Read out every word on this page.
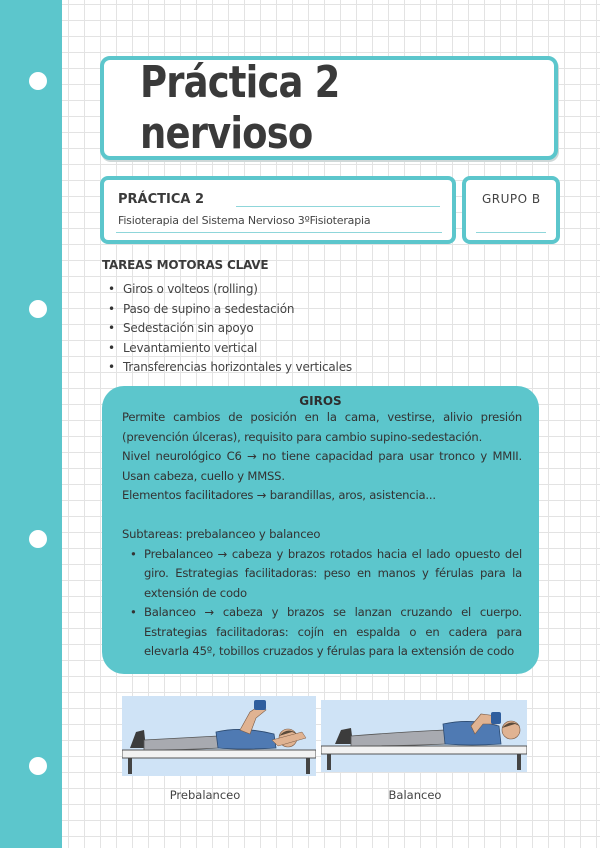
Práctica 2 nervioso
PRÁCTICA 2
Fisioterapia del Sistema Nervioso 3ºFisioterapia
GRUPO B
TAREAS MOTORAS CLAVE
• Giros o volteos (rolling)
• Paso de supino a sedestación
• Sedestación sin apoyo
• Levantamiento vertical
• Transferencias horizontales y verticales
GIROS

Permite cambios de posición en la cama, vestirse, alivio presión (prevención úlceras), requisito para cambio supino-sedestación.

Nivel neurológico C6 → no tiene capacidad para usar tronco y MMII. Usan cabeza, cuello y MMSS.

Elementos facilitadores → barandillas, aros, asistencia...

Subtareas: prebalanceo y balanceo

• Prebalanceo → cabeza y brazos rotados hacia el lado opuesto del giro. Estrategias facilitadoras: peso en manos y férulas para la extensión de codo
• Balanceo → cabeza y brazos se lanzan cruzando el cuerpo. Estrategias facilitadoras: cojín en espalda o en cadera para elevarla 45º, tobillos cruzados y férulas para la extensión de codo
Prebalanceo	Balanceo
